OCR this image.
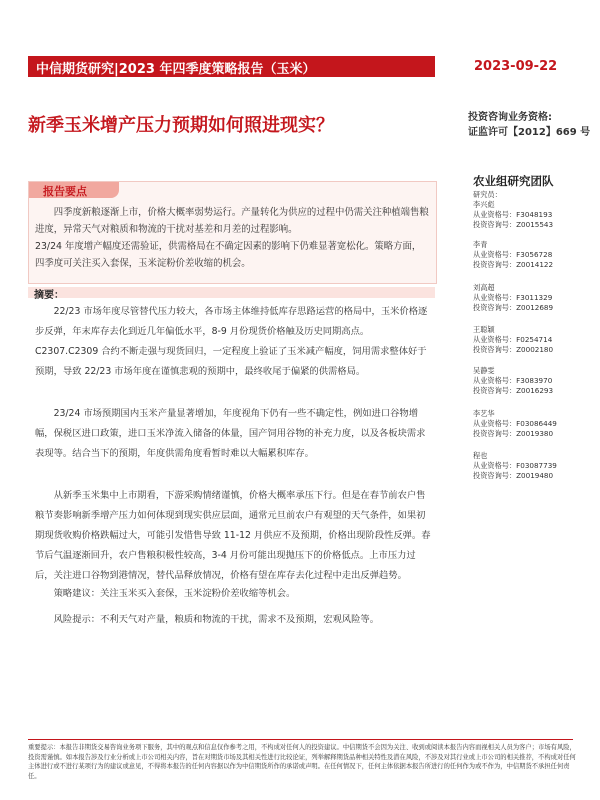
中信期货研究|2023 年四季度策略报告（玉米）	2023-09-22
新季玉米增产压力预期如何照进现实？	投资咨询业务资格:
证监许可【2012】669 号
报告要点

四季度新粮逐渐上市，价格大概率弱势运行。产量转化为供应的过程中仍需关注种植端售粮进度，异常天气对粮质和物流的干扰对基差和月差的过程影响。

23/24 年度增产幅度还需验证，供需格局在不确定因素的影响下仍难显著宽松化。策略方面，四季度可关注买入套保，玉米淀粉价差收缩的机会。

摘要：

22/23 市场年度尽管替代压力较大，各市场主体维持低库存思路运营的格局中，玉米价格逐步反弹，年末库存去化到近几年偏低水平，8-9 月份现货价格触及历史同期高点。C2307.C2309 合约不断走强与现货回归，一定程度上验证了玉米减产幅度，饲用需求整体好于预期，导致 22/23 市场年度在谨慎悲观的预期中，最终收尾于偏紧的供需格局。

23/24 市场预期国内玉米产量显著增加，年度视角下仍有一些不确定性，例如进口谷物增幅，保税区进口政策，进口玉米净流入储备的体量，国产饲用谷物的补充力度，以及各板块需求表现等。结合当下的预期，年度供需角度看暂时难以大幅累积库存。

从新季玉米集中上市期看，下游采购情绪谨慎，价格大概率承压下行。但是在春节前农户售粮节奏影响新季增产压力如何体现到现实供应层面，通常元旦前农户有观望的天气条件，如果初期现货收购价格跌幅过大，可能引发惜售导致 11-12 月供应不及预期，价格出现阶段性反弹。春节后气温逐渐回升，农户售粮积极性较高，3-4 月份可能出现抛压下的价格低点。上市压力过后，关注进口谷物到港情况，替代品释放情况，价格有望在库存去化过程中走出反弹趋势。

策略建议：关注玉米买入套保，玉米淀粉价差收缩等机会。

风险提示：不利天气对产量，粮质和物流的干扰，需求不及预期，宏观风险等。

农业组研究团队
研究员：
李兴彪
从业资格号：F3048193
投资咨询号：Z0015543
李青
从业资格号：F3056728
投资咨询号：Z0014122
刘高超
从业资格号：F3011329
投资咨询号：Z0012689
王聪颖
从业资格号：F0254714
投资咨询号：Z0002180
吴静雯
从业资格号：F3083970
投资咨询号：Z0016293
李艺华
从业资格号：F03086449
投资咨询号：Z0019380
程也
从业资格号：F03087739
投资咨询号：Z0019480
重要提示：本报告非期货交易咨询业务项下服务，其中的观点和信息仅作参考之用，不构成对任何人的投资建议。中信期货不会因为关注、收到或阅读本报告内容而视相关人员为客户；市场有风险，投资需谨慎。如本报告涉及行业分析或上市公司相关内容，旨在对期货市场及其相关性进行比较论证，列举解释期货品种相关特性及潜在风险，不涉及对其行业或上市公司的相关推荐，不构成对任何主体进行或不进行某项行为的建议或意见，不得将本报告的任何内容据以作为中信期货所作的承诺或声明。在任何情况下，任何主体依据本报告所进行的任何作为或不作为，中信期货不承担任何责任。
